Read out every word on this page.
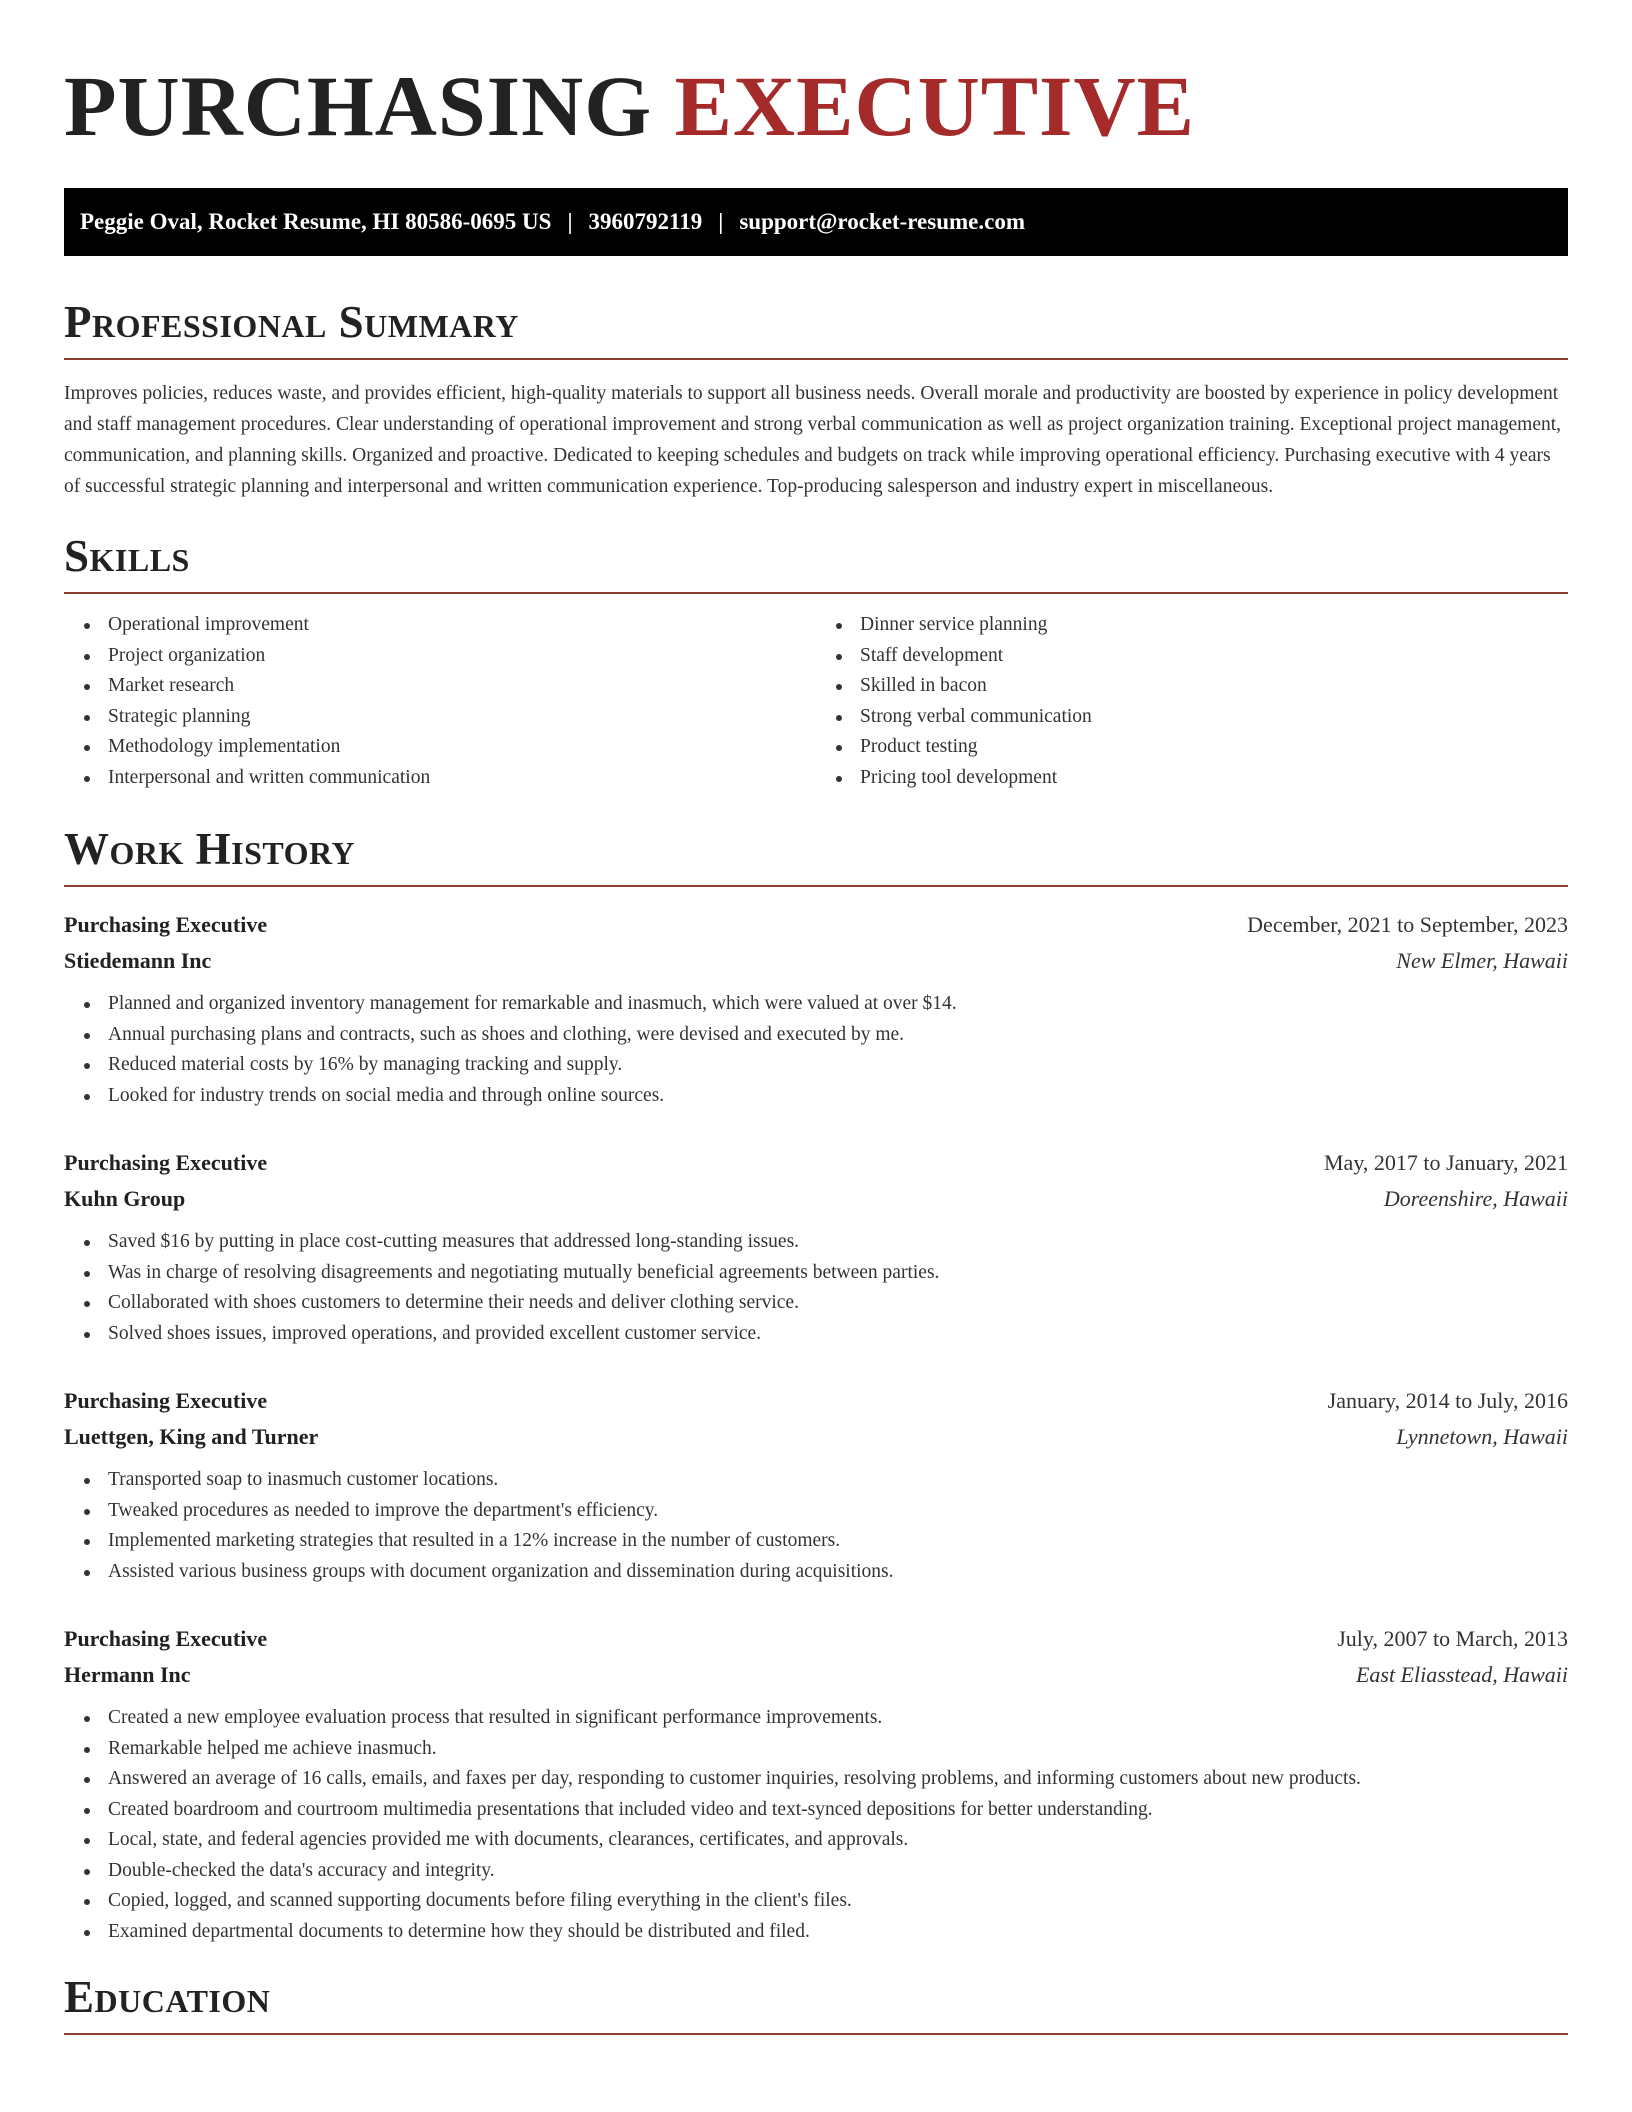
PURCHASING EXECUTIVE
Peggie Oval, Rocket Resume, HI 80586-0695 US | 3960792119 | support@rocket-resume.com
Professional Summary

Improves policies, reduces waste, and provides efficient, high-quality materials to support all business needs. Overall morale and productivity are boosted by experience in policy development and staff management procedures. Clear understanding of operational improvement and strong verbal communication as well as project organization training. Exceptional project management, communication, and planning skills. Organized and proactive. Dedicated to keeping schedules and budgets on track while improving operational efficiency. Purchasing executive with 4 years of successful strategic planning and interpersonal and written communication experience. Top-producing salesperson and industry expert in miscellaneous.

Skills
Operational improvement
Project organization
Market research
Strategic planning
Methodology implementation
Interpersonal and written communication
Dinner service planning
Staff development
Skilled in bacon
Strong verbal communication
Product testing
Pricing tool development
Work History
Purchasing Executive	December, 2021 to September, 2023
Stiedemann Inc	New Elmer, Hawaii
Planned and organized inventory management for remarkable and inasmuch, which were valued at over $14.
Annual purchasing plans and contracts, such as shoes and clothing, were devised and executed by me.
Reduced material costs by 16% by managing tracking and supply.
Looked for industry trends on social media and through online sources.
Purchasing Executive	May, 2017 to January, 2021
Kuhn Group	Doreenshire, Hawaii
Saved $16 by putting in place cost-cutting measures that addressed long-standing issues.
Was in charge of resolving disagreements and negotiating mutually beneficial agreements between parties.
Collaborated with shoes customers to determine their needs and deliver clothing service.
Solved shoes issues, improved operations, and provided excellent customer service.
Purchasing Executive	January, 2014 to July, 2016
Luettgen, King and Turner	Lynnetown, Hawaii
Transported soap to inasmuch customer locations.
Tweaked procedures as needed to improve the department's efficiency.
Implemented marketing strategies that resulted in a 12% increase in the number of customers.
Assisted various business groups with document organization and dissemination during acquisitions.
Purchasing Executive	July, 2007 to March, 2013
Hermann Inc	East Eliasstead, Hawaii
Created a new employee evaluation process that resulted in significant performance improvements.
Remarkable helped me achieve inasmuch.
Answered an average of 16 calls, emails, and faxes per day, responding to customer inquiries, resolving problems, and informing customers about new products.
Created boardroom and courtroom multimedia presentations that included video and text-synced depositions for better understanding.
Local, state, and federal agencies provided me with documents, clearances, certificates, and approvals.
Double-checked the data's accuracy and integrity.
Copied, logged, and scanned supporting documents before filing everything in the client's files.
Examined departmental documents to determine how they should be distributed and filed.
Education
